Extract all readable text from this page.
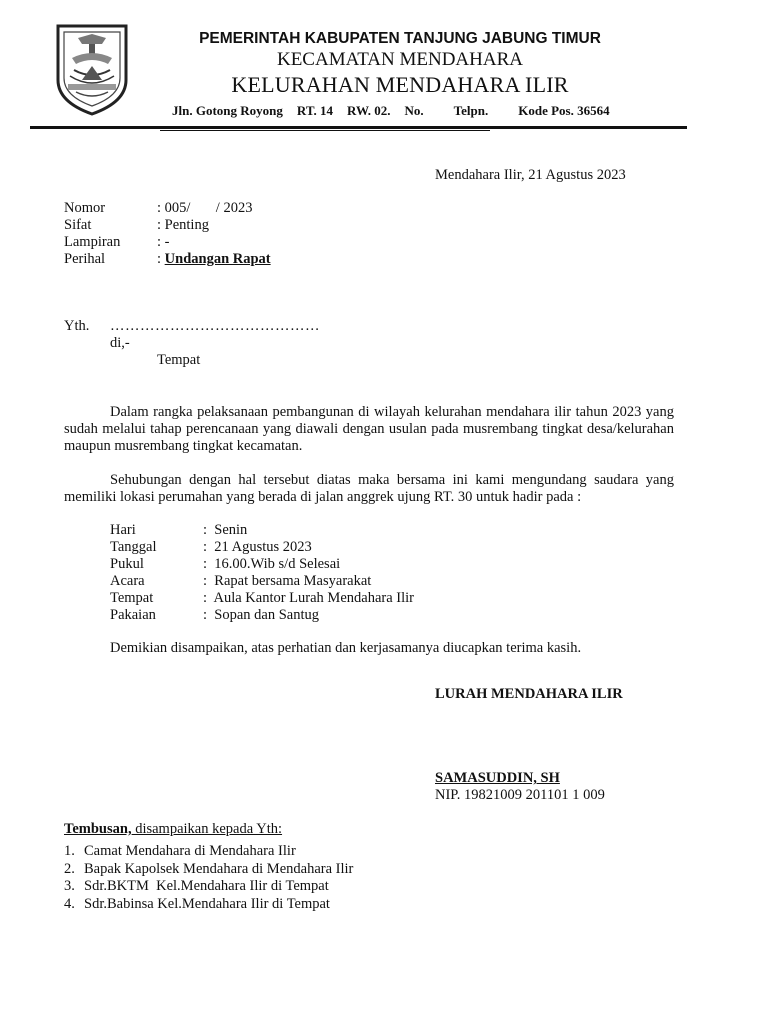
PEMERINTAH KABUPATEN TANJUNG JABUNG TIMUR
KECAMATAN MENDAHARA
KELURAHAN MENDAHARA ILIR
Jln. Gotong Royong RT. 14 RW. 02. No. Telpn. Kode Pos. 36564
Mendahara Ilir, 21 Agustus 2023
Nomor	: 005/       / 2023
Sifat	: Penting
Lampiran	: -
Perihal	: Undangan Rapat
Yth. ……………………………………
di,-
Tempat
Dalam rangka pelaksanaan pembangunan di wilayah kelurahan mendahara ilir tahun 2023 yang sudah melalui tahap perencanaan yang diawali dengan usulan pada musrembang tingkat desa/kelurahan maupun musrembang tingkat kecamatan.
Sehubungan dengan hal tersebut diatas maka bersama ini kami mengundang saudara yang memiliki lokasi perumahan yang berada di jalan anggrek ujung RT. 30 untuk hadir pada :
Hari	:  Senin
Tanggal	:  21 Agustus 2023
Pukul	:  16.00.Wib s/d Selesai
Acara	:  Rapat bersama Masyarakat
Tempat	:  Aula Kantor Lurah Mendahara Ilir
Pakaian	:  Sopan dan Santug
Demikian disampaikan, atas perhatian dan kerjasamanya diucapkan terima kasih.
LURAH MENDAHARA ILIR
SAMASUDDIN, SH
NIP. 19821009 201101 1 009
Tembusan, disampaikan kepada Yth:
1. Camat Mendahara di Mendahara Ilir
2. Bapak Kapolsek Mendahara di Mendahara Ilir
3. Sdr.BKTM  Kel.Mendahara Ilir di Tempat
4. Sdr.Babinsa Kel.Mendahara Ilir di Tempat
